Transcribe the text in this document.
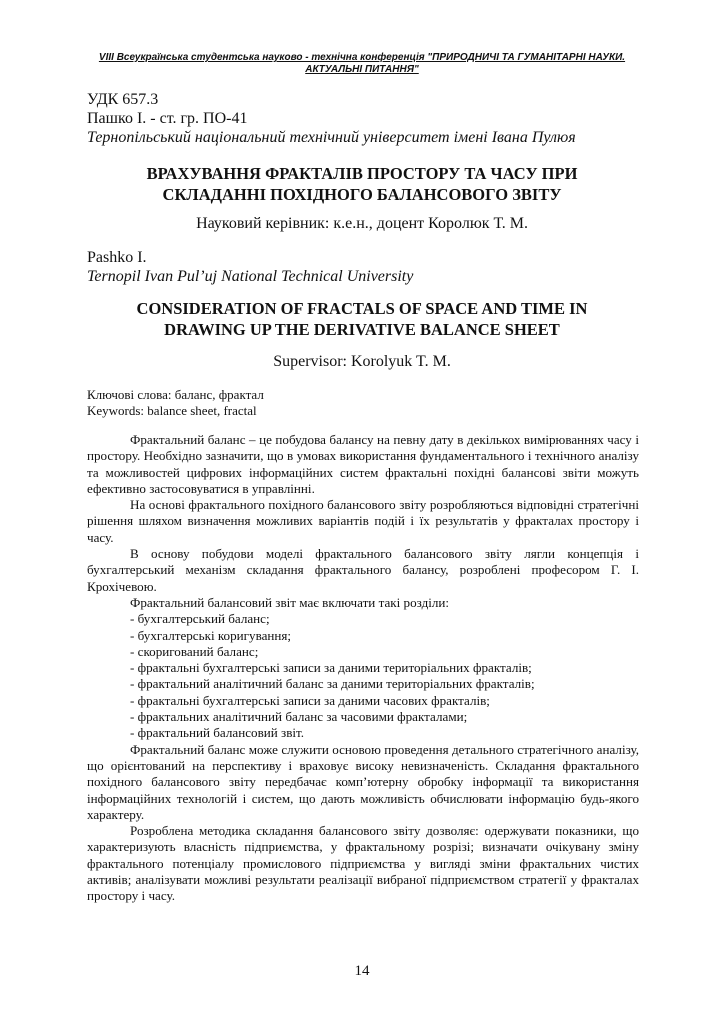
VIII Всеукраїнська студентська науково - технічна конференція "ПРИРОДНИЧІ ТА ГУМАНІТАРНІ НАУКИ.
АКТУАЛЬНІ ПИТАННЯ"
УДК 657.3
Пашко І. - ст. гр. ПО-41
Тернопільський національний технічний університет імені Івана Пулюя
ВРАХУВАННЯ ФРАКТАЛІВ ПРОСТОРУ ТА ЧАСУ ПРИ
СКЛАДАННІ ПОХІДНОГО БАЛАНСОВОГО ЗВІТУ
Науковий керівник: к.е.н., доцент Королюк Т. М.
Pashko I.
Ternopil Ivan Pul’uj National Technical University
CONSIDERATION OF FRACTALS OF SPACE AND TIME IN
DRAWING UP THE DERIVATIVE BALANCE SHEET
Supervisor: Korolyuk T. M.
Ключові слова: баланс, фрактал
Keywords: balance sheet, fractal

Фрактальний баланс – це побудова балансу на певну дату в декількох вимірюваннях часу і простору. Необхідно зазначити, що в умовах використання фундаментального і технічного аналізу та можливостей цифрових інформаційних систем фрактальні похідні балансові звіти можуть ефективно застосовуватися в управлінні.

На основі фрактального похідного балансового звіту розробляються відповідні стратегічні рішення шляхом визначення можливих варіантів подій і їх результатів у фракталах простору і часу.

В основу побудови моделі фрактального балансового звіту лягли концепція і бухгалтерський механізм складання фрактального балансу, розроблені професором Г. І. Крохічевою.

Фрактальний балансовий звіт має включати такі розділи:

- бухгалтерський баланс;

- бухгалтерські коригування;

- скоригований баланс;

- фрактальні бухгалтерські записи за даними територіальних фракталів;

- фрактальний аналітичний баланс за даними територіальних фракталів;

- фрактальні бухгалтерські записи за даними часових фракталів;

- фрактальних аналітичний баланс за часовими фракталами;

- фрактальний балансовий звіт.

Фрактальний баланс може служити основою проведення детального стратегічного аналізу, що орієнтований на перспективу і враховує високу невизначеність. Складання фрактального похідного балансового звіту передбачає комп’ютерну обробку інформації та використання інформаційних технологій і систем, що дають можливість обчислювати інформацію будь-якого характеру.

Розроблена методика складання балансового звіту дозволяє: одержувати показники, що характеризують власність підприємства, у фрактальному розрізі; визначати очікувану зміну фрактального потенціалу промислового підприємства у вигляді зміни фрактальних чистих активів; аналізувати можливі результати реалізації вибраної підприємством стратегії у фракталах простору і часу.

14
